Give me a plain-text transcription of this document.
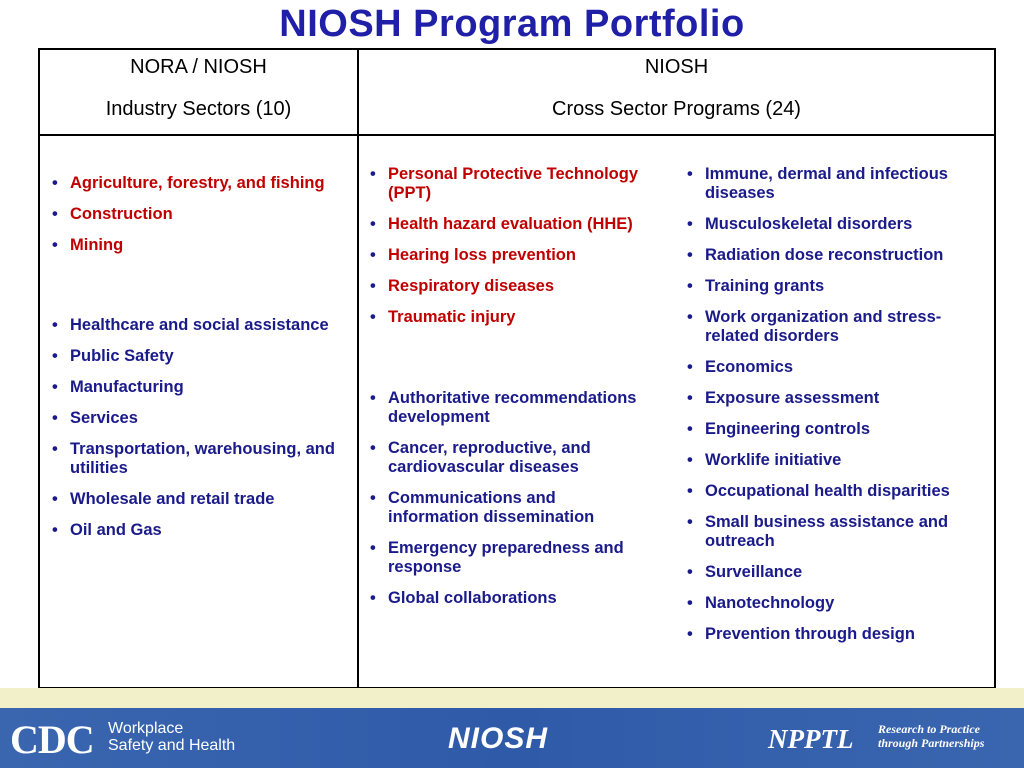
NIOSH Program Portfolio
NORA / NIOSH
Industry Sectors (10)
NIOSH
Cross Sector Programs (24)
• Agriculture, forestry, and fishing
• Construction
• Mining
• Healthcare and social assistance
• Public Safety
• Manufacturing
• Services
• Transportation, warehousing, and utilities
• Wholesale and retail trade
• Oil and Gas
• Personal Protective Technology (PPT)
• Health hazard evaluation (HHE)
• Hearing loss prevention
• Respiratory diseases
• Traumatic injury
• Authoritative recommendations development
• Cancer, reproductive, and cardiovascular diseases
• Communications and information dissemination
• Emergency preparedness and response
• Global collaborations
• Immune, dermal and infectious diseases
• Musculoskeletal disorders
• Radiation dose reconstruction
• Training grants
• Work organization and stress-related disorders
• Economics
• Exposure assessment
• Engineering controls
• Worklife initiative
• Occupational health disparities
• Small business assistance and outreach
• Surveillance
• Nanotechnology
• Prevention through design
CDC Workplace
Safety and Health	NIOSH	NPPTL Research to Practice
through Partnerships
